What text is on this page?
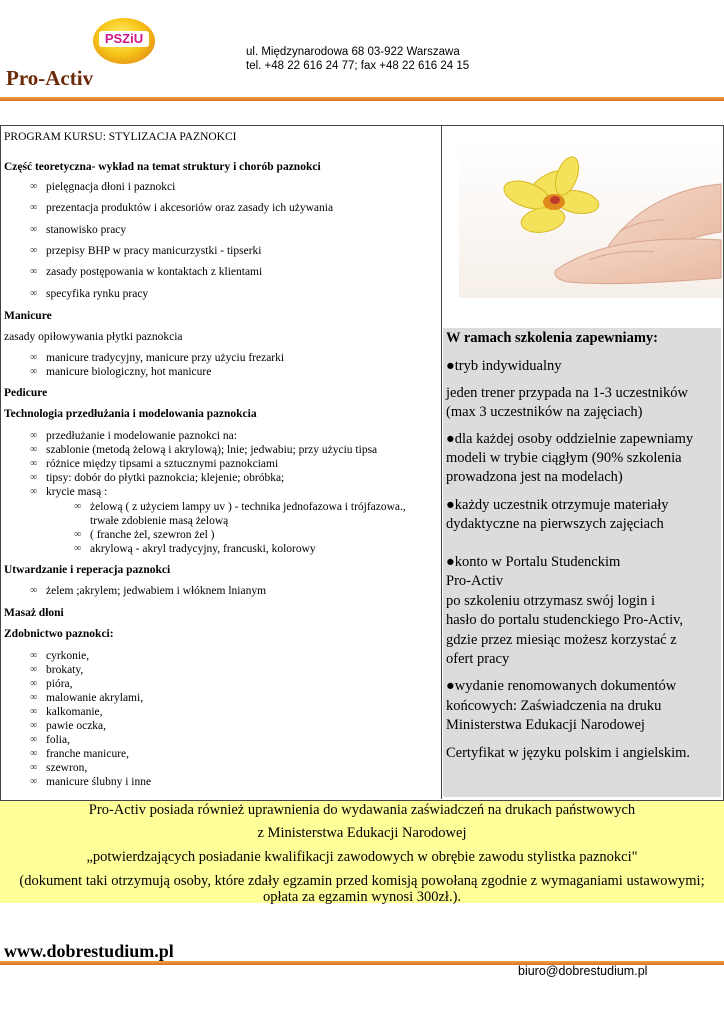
PSZiU
Pro-Activ
ul. Międzynarodowa 68 03-922 Warszawa
tel. +48 22 616 24 77; fax +48 22 616 24 15
PROGRAM KURSU: STYLIZACJA PAZNOKCI
Część teoretyczna- wykład na temat struktury i chorób paznokci
∞ pielęgnacja dłoni i paznokci
∞ prezentacja produktów i akcesoriów oraz zasady ich używania
∞ stanowisko pracy
∞ przepisy BHP w pracy manicurzystki - tipserki
∞ zasady postępowania w kontaktach z klientami
∞ specyfika rynku pracy
Manicure
zasady opiłowywania płytki paznokcia
∞ manicure tradycyjny, manicure przy użyciu frezarki
∞ manicure biologiczny, hot manicure
Pedicure
Technologia przedłużania i modelowania paznokcia
∞ przedłużanie i modelowanie paznokci na:
∞ szablonie (metodą żelową i akrylową); lnie; jedwabiu; przy użyciu tipsa
∞ różnice między tipsami a sztucznymi paznokciami
∞ tipsy: dobór do płytki paznokcia; klejenie; obróbka;
∞ krycie masą :
∞ żelową ( z użyciem lampy uv ) - technika jednofazowa i trójfazowa.,
trwałe zdobienie masą żelową
∞ ( franche żel, szewron żel )
∞ akrylową - akryl tradycyjny, francuski, kolorowy
Utwardzanie i reperacja paznokci
∞ żelem ;akrylem; jedwabiem i włóknem lnianym
Masaż dłoni
Zdobnictwo paznokci:
∞ cyrkonie,
∞ brokaty,
∞ pióra,
∞ malowanie akrylami,
∞ kalkomanie,
∞ pawie oczka,
∞ folia,
∞ franche manicure,
∞ szewron,
∞ manicure ślubny i inne
W ramach szkolenia zapewniamy:
●tryb indywidualny
jeden trener przypada na 1-3 uczestników
(max 3 uczestników na zajęciach)
●dla każdej osoby oddzielnie zapewniamy
modeli w trybie ciągłym (90% szkolenia
prowadzona jest na modelach)
●każdy uczestnik otrzymuje materiały
dydaktyczne na pierwszych zajęciach
●konto w Portalu Studenckim
Pro-Activ
po szkoleniu otrzymasz swój login i
hasło do portalu studenckiego Pro-Activ,
gdzie przez miesiąc możesz korzystać z
ofert pracy
●wydanie renomowanych dokumentów
końcowych: Zaświadczenia na druku
Ministerstwa Edukacji Narodowej
Certyfikat w języku polskim i angielskim.
Pro-Activ posiada również uprawnienia do wydawania zaświadczeń na drukach państwowych
z Ministerstwa Edukacji Narodowej
„potwierdzających posiadanie kwalifikacji zawodowych w obrębie zawodu stylistka paznokci"
(dokument taki otrzymują osoby, które zdały egzamin przed komisją powołaną zgodnie z wymaganiami ustawowymi;
opłata za egzamin wynosi 300zł.).
www.dobrestudium.pl
biuro@dobrestudium.pl
